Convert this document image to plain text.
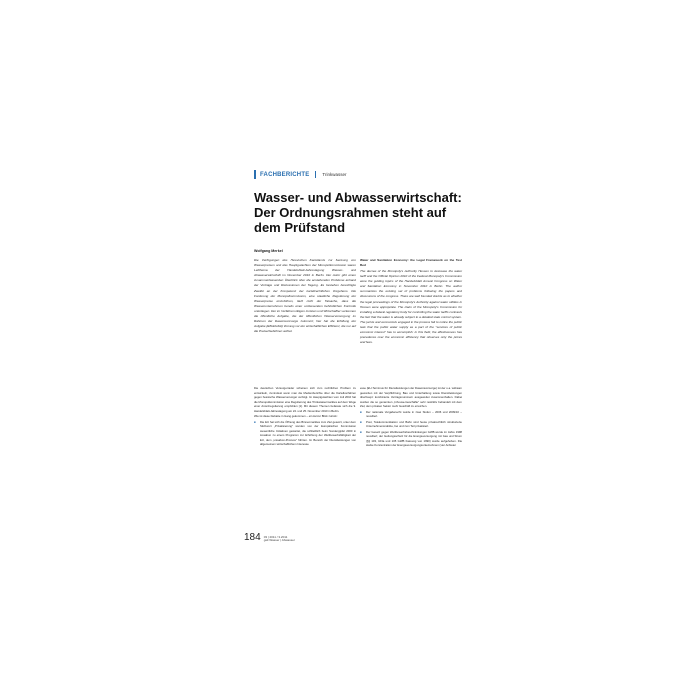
FACHBERICHTE	Trinkwasser
Wasser- und Abwasserwirtschaft: Der Ordnungsrahmen steht auf dem Prüfstand
Wolfgang Merkel

Die Verfügungen des Hessischen Kartellamts zur Senkung von Wasserpreisen und das Hauptgutachten der Monopolkommission waren Leitthema der Handelsblatt-Jahrestagung Wasser- und Abwasserwirtschaft im November 2010 in Berlin. Der Autor gibt einen zusammenfassenden Überblick über die anstehenden Probleme anhand der Vorträge und Diskussionen der Tagung. Es bestehen berechtigte Zweifel an der Kompetenz der kartellrechtlichen Vorgehens. Die Forderung der Monopolkommission, eine staatliche Regulierung der Wasserpreise einzuführen, läuft nicht der Tatsache, dass die Wasserunternehmen bereits einer umfassenden behördlichen Kontrolle unterliegen. Der im Verfahren tätigen Juristen und Wirtschaftler verkennen die öffentliche Aufgabe, die der öffentlichen Wasserversorgung im Rahmen der Daseinsvorsorge zukommt; hier hat die Erfüllung der Aufgabe (Effektivität) Vorrang vor der wirtschaftlichen Effizienz, die nur auf die Preise/Gebühren achtet.

Water and Sanitation Economy: the Legal Framework on the Test Bed
The decree of the Monopoly's Authority Hessen to decrease the water tariff and the Official Opinion 2010 of the Federal Monopoly's Commission were the guiding topics of the Handelsblatt Annual Congress on Water and Sanitation Economy in November 2010 in Berlin. The author summarizes the existing set of problems following the papers and discussions of the congress. There are well founded doubts as to whether the legal proceedings of the Monopoly's Authority against water utilities in Hessen were appropriate. The claim of the Monopoly's Commission for installing a federal regulatory body for controlling the water tariffs contrasts the fact that the water is already subject to a detailed state control system. The jurists and economists engaged in the process fail to notice the public task that the public water supply as a part of the "services of public economic interest" has to accomplish: in this field, the effectiveness has precedence over the economic efficiency that observes only the prices and fees.

Die deutschen Versorgerrader scheinen sich zum rechtlichen Problem zu entwickeln, zumindest wenn man die Medienberichte über die Kartellverfahren gegen hessische Wasserversorger verfolgt. Im Hauptgutachten vom Juli 2010 hat die Monopolkommission eine Regulierung des Trinkwassermarktes auf dem Wege einer Anreizregulierung empfohlen [1]. Mit diesem Themen befasste sich die 9. Handelsblatt-Jahrestagung am 24. und 25. November 2010 in Berlin.

Wie ist diese Debatte in Gang gekommen – ein kurzer Blick zurück:

■ Die EU hat sich die Öffnung des Binnenmarktes zum Ziel gesetzt, unter dem Stichwort „Privatisierung" wurden von der Europäischen Kommission wesentliche Initiativen gestartet, die schließlich beim Sondergipfel 2000 in Lissabon zu einem Programm zur Erhöhung der Wettbewerbsfähigkeit der EU, dem „Lissabon-Prozess" führten. Im Bereich der Dienstleistungen von allgemeinem wirtschaftlichem Interesse

esse (EU-Terminus für Dienstleistungen der Daseinsvorsorge) ist der u.a. wirksam geworden mit der Verpflichtung, Bau und Unterhaltung sowie Dienstleistungen überhaupt: kombinierte Vertragsnummern ausgeweitet zusammenhalten. Dabei wurden die so genannten „Inhouse-Geschäfte" sehr restriktiv behandelt mit dem Ziel, dem privaten Sektor mehr Geschäft zu erreichen.

■ Der nationale Vergaberecht wurde in zwei Stufen – 2006 und 2009/10 – novelliert.
■ Post, Telekommunikation und Bahn sind heute privatrechtlich strukturierte Unternehmensmärkte, bei und zum Teil privatisiert.
■ Der Gesetz gegen Wettbewerbsbeschränkungen GWB wurde im Jahre 1998 novelliert; der Geltungsschutz für die Energieversorgung mit Gas und Strom (§§ 103, 103a und 105 GWB Fassung von 1990) wurde aufgehoben. Die starke Konzentration der Energieversorgungsunternehmen (vier Anbieter
184 03 | 2011 / 3.2011
gwf-Wasser | Abwasser
